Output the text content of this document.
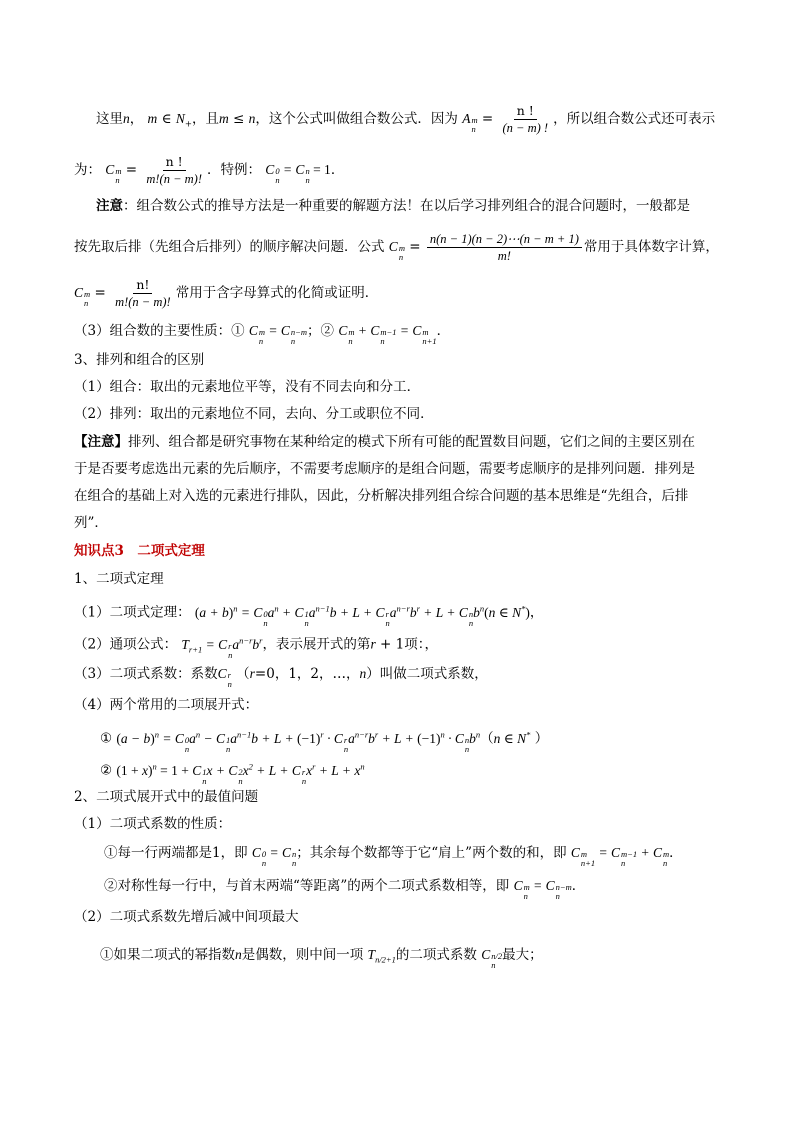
这里n， m ∈ $N_+$，且m ≤ n，这个公式叫做组合数公式．因为 A m
n
= $\frac{n !}{(n - m) !}$ ，所以组合数公式还可表示
为： C m
n
= $\frac{n !}{m!(n - m)!}$ ．特例： C 0
n
= C n
n
= 1．
注意：组合数公式的推导方法是一种重要的解题方法！在以后学习排列组合的混合问题时，一般都是
按先取后排（先组合后排列）的顺序解决问题．公式 C m
n
= $\frac{n(n - 1)(n - 2)\cdots(n - m + 1)}{m!}$ 常用于具体数字计算，
C m
n
= $\frac{n!}{m!(n - m)!}$ 常用于含字母算式的化简或证明．
（3）组合数的主要性质：① C m
n
= C n−m
n
；② C m
n
+ C m−1
n
= C m
n+1
．
3、排列和组合的区别
（1）组合：取出的元素地位平等，没有不同去向和分工．
（2）排列：取出的元素地位不同，去向、分工或职位不同．
【注意】排列、组合都是研究事物在某种给定的模式下所有可能的配置数目问题，它们之间的主要区别在
于是否要考虑选出元素的先后顺序，不需要考虑顺序的是组合问题，需要考虑顺序的是排列问题．排列是
在组合的基础上对入选的元素进行排队，因此，分析解决排列组合综合问题的基本思维是“先组合，后排
列”．
知识点3　二项式定理
1、二项式定理
（1）二项式定理： $(a + b)^n = C$ 0
n
$a^n + C$ 1
n
$a^{n-1}b + L + C$ r
n
$a^{n-r}b^r + L + C$ n
n
$b^n(n$ ∈ N*)，
（2）通项公式： $T_{r+1} = C$ r
n
$a^{n-r}b^r$，表示展开式的第r + 1项：，
（3）二项式系数：系数C r
n
（r=0，1，2，…，n）叫做二项式系数，
（4）两个常用的二项展开式：
① $(a - b)^n = C$ 0
n
$a^n - C$ 1
n
$a^{n-1}b + L + (-1)^r \cdot C$ r
n
$a^{n-r}b^r + L + (-1)^n \cdot C$ n
n
$b^n(n$ ∈ N* ）
② $(1 + x)^n = 1 + C$ 1
n
x + C 2
n
$x^2 + L + C$ r
n
$x^r + L + x^n$
2、二项式展开式中的最值问题
（1）二项式系数的性质：
①每一行两端都是1，即 C 0
n
= C n
n
；其余每个数都等于它“肩上”两个数的和，即 C m
n+1
= C m−1
n
+ C m
n
．
②对称性每一行中，与首末两端“等距离”的两个二项式系数相等，即 C m
n
= C n−m
n
．
（2）二项式系数先增后减中间项最大
①如果二项式的幂指数n是偶数，则中间一项 $T_{n/2+1}$的二项式系数 C n/2
n
最大；
